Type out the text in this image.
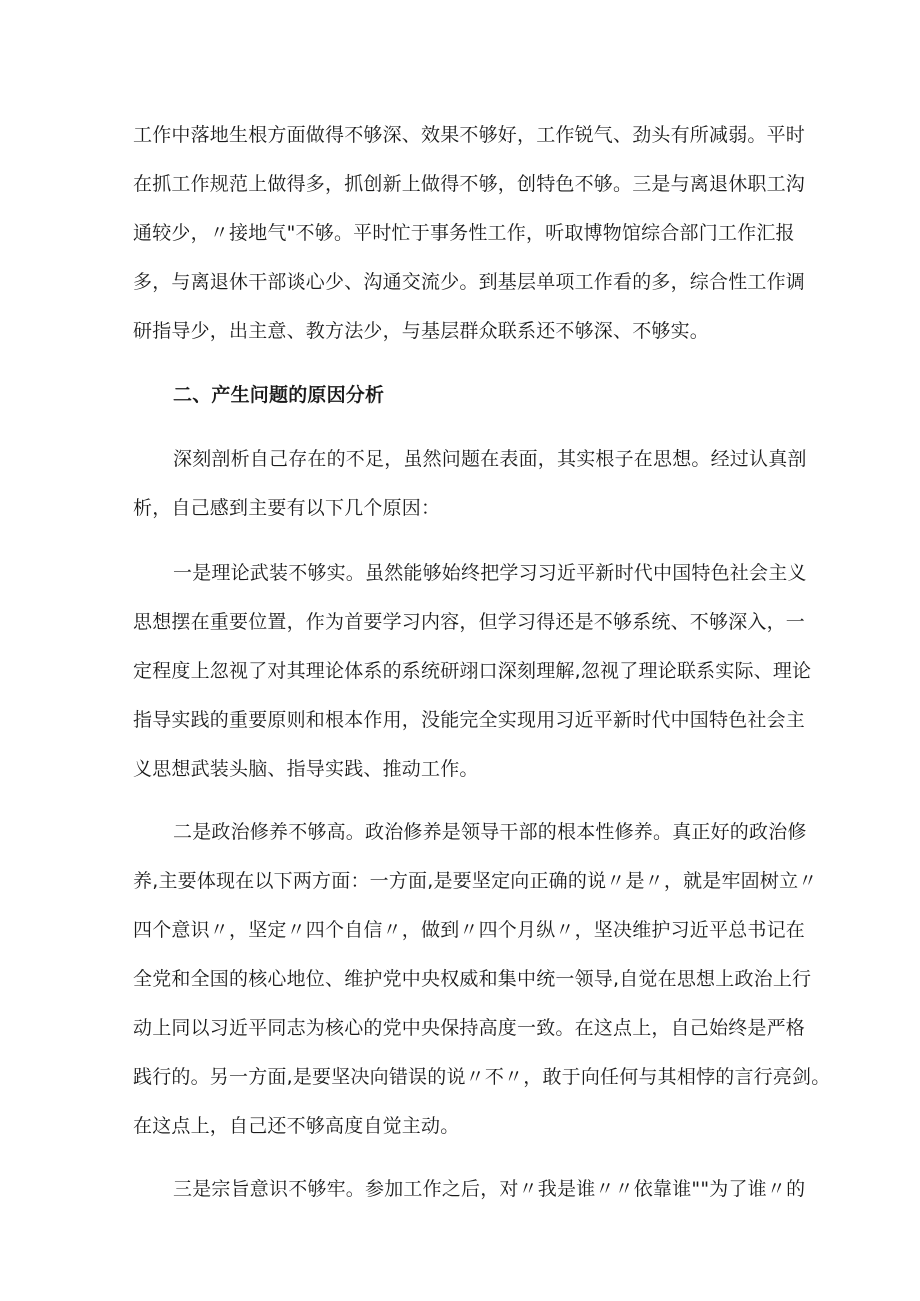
工作中落地生根方面做得不够深、效果不够好，工作锐气、劲头有所减弱。平时
在抓工作规范上做得多，抓创新上做得不够，创特色不够。三是与离退休职工沟
通较少，〃接地气"不够。平时忙于事务性工作，听取博物馆综合部门工作汇报
多，与离退休干部谈心少、沟通交流少。到基层单项工作看的多，综合性工作调
研指导少，出主意、教方法少，与基层群众联系还不够深、不够实。
二、产生问题的原因分析
深刻剖析自己存在的不足，虽然问题在表面，其实根子在思想。经过认真剖
析，自己感到主要有以下几个原因：
一是理论武装不够实。虽然能够始终把学习习近平新时代中国特色社会主义
思想摆在重要位置，作为首要学习内容，但学习得还是不够系统、不够深入，一
定程度上忽视了对其理论体系的系统研翊口深刻理解,忽视了理论联系实际、理论
指导实践的重要原则和根本作用，没能完全实现用习近平新时代中国特色社会主
义思想武装头脑、指导实践、推动工作。
二是政治修养不够高。政治修养是领导干部的根本性修养。真正好的政治修
养,主要体现在以下两方面：一方面,是要坚定向正确的说〃是〃，就是牢固树立〃
四个意识〃，坚定〃四个自信〃，做到〃四个月纵〃，坚决维护习近平总书记在
全党和全国的核心地位、维护党中央权威和集中统一领导,自觉在思想上政治上行
动上同以习近平同志为核心的党中央保持高度一致。在这点上，自己始终是严格
践行的。另一方面,是要坚决向错误的说〃不〃，敢于向任何与其相悖的言行亮剑。
在这点上，自己还不够高度自觉主动。
三是宗旨意识不够牢。参加工作之后，对〃我是谁〃〃依靠谁""为了谁〃的
